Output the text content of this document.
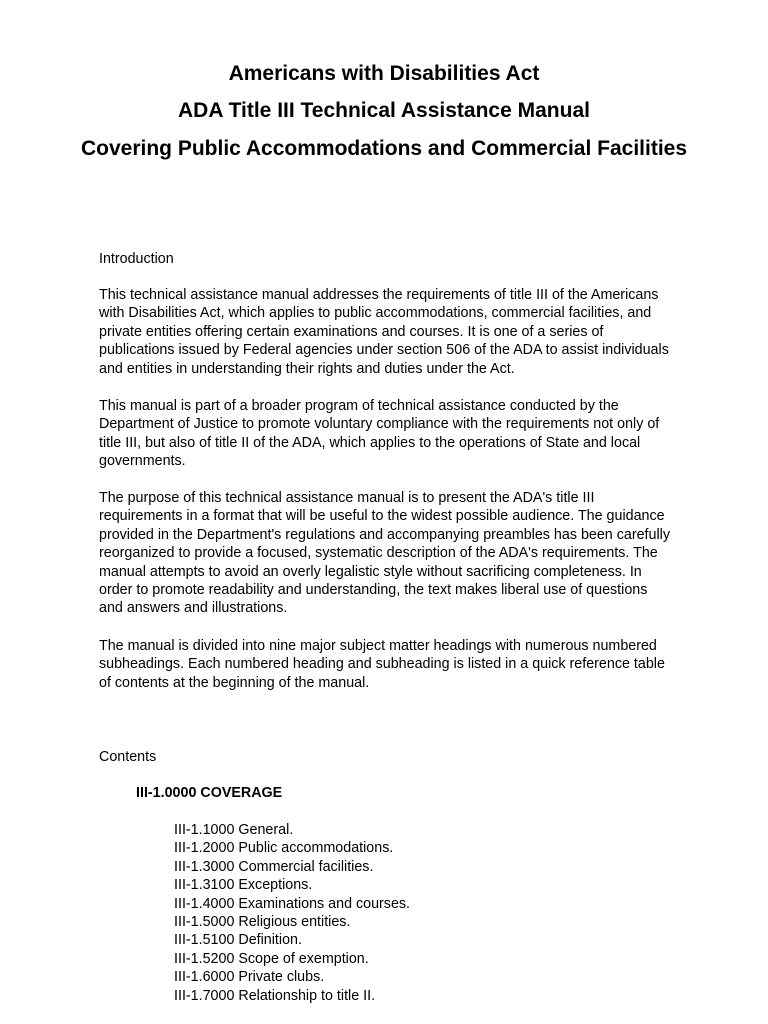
Americans with Disabilities Act
ADA Title III Technical Assistance Manual
Covering Public Accommodations and Commercial Facilities
Introduction
This technical assistance manual addresses the requirements of title III of the Americans with Disabilities Act, which applies to public accommodations, commercial facilities, and private entities offering certain examinations and courses. It is one of a series of publications issued by Federal agencies under section 506 of the ADA to assist individuals and entities in understanding their rights and duties under the Act.
This manual is part of a broader program of technical assistance conducted by the Department of Justice to promote voluntary compliance with the requirements not only of title III, but also of title II of the ADA, which applies to the operations of State and local governments.
The purpose of this technical assistance manual is to present the ADA's title III requirements in a format that will be useful to the widest possible audience. The guidance provided in the Department's regulations and accompanying preambles has been carefully reorganized to provide a focused, systematic description of the ADA's requirements. The manual attempts to avoid an overly legalistic style without sacrificing completeness. In order to promote readability and understanding, the text makes liberal use of questions and answers and illustrations.
The manual is divided into nine major subject matter headings with numerous numbered subheadings. Each numbered heading and subheading is listed in a quick reference table of contents at the beginning of the manual.
Contents
III-1.0000 COVERAGE
III-1.1000 General.
III-1.2000 Public accommodations.
III-1.3000 Commercial facilities.
III-1.3100 Exceptions.
III-1.4000 Examinations and courses.
III-1.5000 Religious entities.
III-1.5100 Definition.
III-1.5200 Scope of exemption.
III-1.6000 Private clubs.
III-1.7000 Relationship to title II.
